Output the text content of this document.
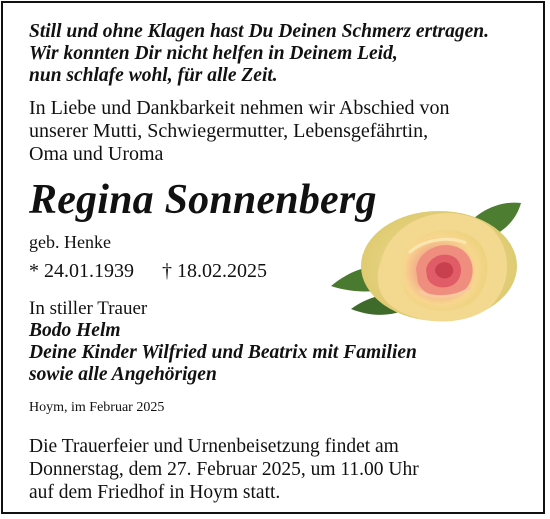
Still und ohne Klagen hast Du Deinen Schmerz ertragen.
Wir konnten Dir nicht helfen in Deinem Leid,
nun schlafe wohl, für alle Zeit.
In Liebe und Dankbarkeit nehmen wir Abschied von
unserer Mutti, Schwiegermutter, Lebensgefährtin,
Oma und Uroma
Regina Sonnenberg
geb. Henke
* 24.01.1939 † 18.02.2025
In stiller Trauer
Bodo Helm
Deine Kinder Wilfried und Beatrix mit Familien
sowie alle Angehörigen
Hoym, im Februar 2025
Die Trauerfeier und Urnenbeisetzung findet am
Donnerstag, dem 27. Februar 2025, um 11.00 Uhr
auf dem Friedhof in Hoym statt.
